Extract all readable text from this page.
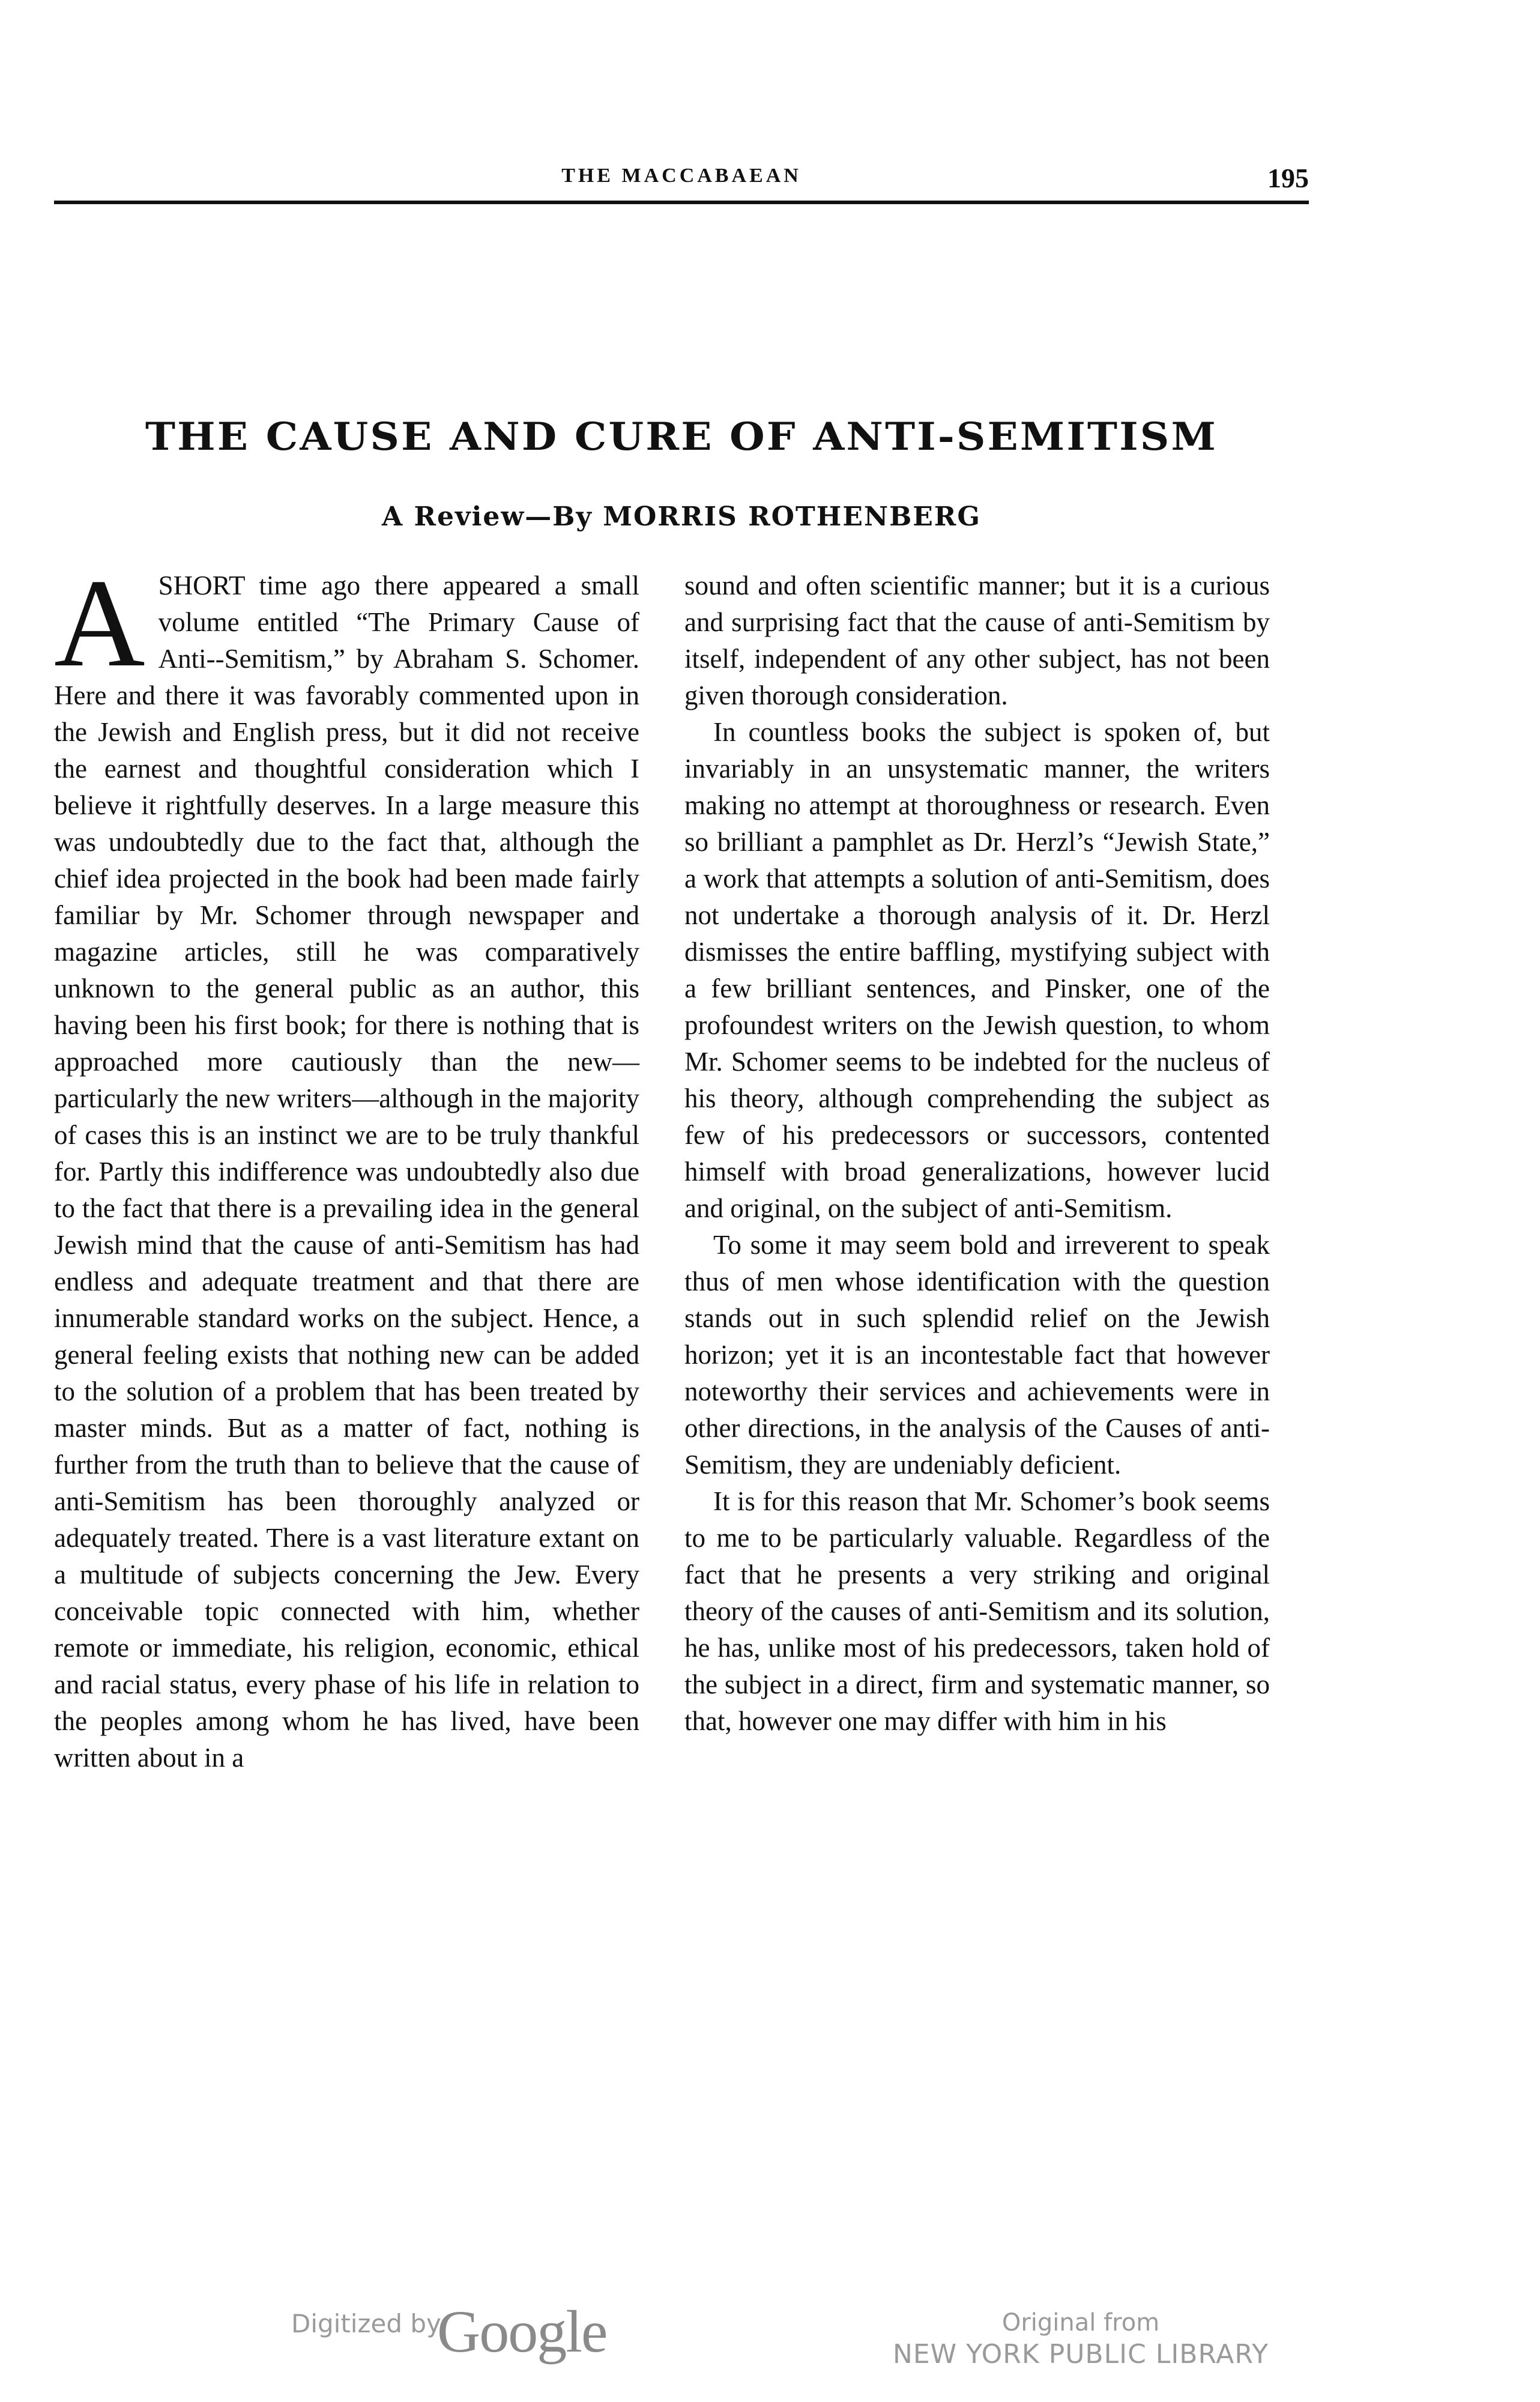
THE MACCABAEAN	195
THE CAUSE AND CURE OF ANTI-SEMITISM
A Review—By MORRIS ROTHENBERG

ASHORT time ago there appeared a small volume entitled “The Primary Cause of Anti--Semitism,” by Abraham S. Schomer. Here and there it was favorably commented upon in the Jewish and English press, but it did not receive the earnest and thoughtful consideration which I believe it rightfully deserves. In a large measure this was undoubtedly due to the fact that, although the chief idea projected in the book had been made fairly familiar by Mr. Schomer through newspaper and magazine articles, still he was comparatively unknown to the general public as an author, this having been his first book; for there is nothing that is approached more cautiously than the new—particularly the new writers—although in the majority of cases this is an instinct we are to be truly thankful for. Partly this indifference was undoubtedly also due to the fact that there is a prevailing idea in the general Jewish mind that the cause of anti-Semitism has had endless and adequate treatment and that there are innumerable standard works on the subject. Hence, a general feeling exists that nothing new can be added to the solution of a problem that has been treated by master minds. But as a matter of fact, nothing is further from the truth than to believe that the cause of anti-Semitism has been thoroughly analyzed or adequately treated. There is a vast literature extant on a multitude of subjects concerning the Jew. Every conceivable topic connected with him, whether remote or immediate, his religion, economic, ethical and racial status, every phase of his life in relation to the peoples among whom he has lived, have been written about in a

sound and often scientific manner; but it is a curious and surprising fact that the cause of anti-Semitism by itself, independent of any other subject, has not been given thorough consideration.

In countless books the subject is spoken of, but invariably in an unsystematic manner, the writers making no attempt at thoroughness or research. Even so brilliant a pamphlet as Dr. Herzl’s “Jewish State,” a work that attempts a solution of anti-Semitism, does not undertake a thorough analysis of it. Dr. Herzl dismisses the entire baffling, mystifying subject with a few brilliant sentences, and Pinsker, one of the profoundest writers on the Jewish question, to whom Mr. Schomer seems to be indebted for the nucleus of his theory, although comprehending the subject as few of his predecessors or successors, contented himself with broad generalizations, however lucid and original, on the subject of anti-Semitism.

To some it may seem bold and irreverent to speak thus of men whose identification with the question stands out in such splendid relief on the Jewish horizon; yet it is an incontestable fact that however noteworthy their services and achievements were in other directions, in the analysis of the Causes of anti-Semitism, they are undeniably deficient.

It is for this reason that Mr. Schomer’s book seems to me to be particularly valuable. Regardless of the fact that he presents a very striking and original theory of the causes of anti-Semitism and its solution, he has, unlike most of his predecessors, taken hold of the subject in a direct, firm and systematic manner, so that, however one may differ with him in his

Digitized by
Google	Original from
NEW YORK PUBLIC LIBRARY
